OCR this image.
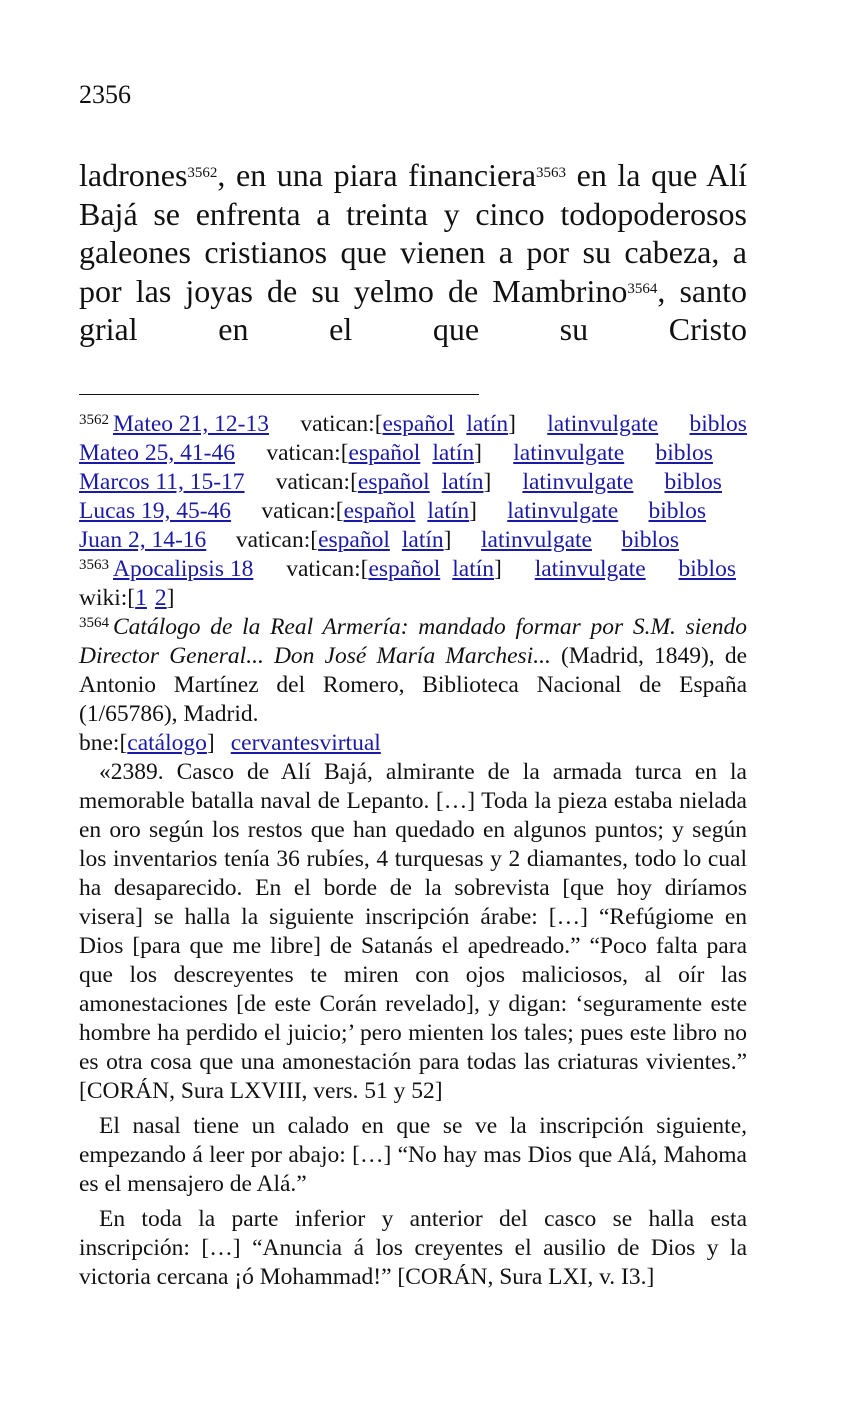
2356
ladrones$^{3562}$, en una piara financiera$^{3563}$ en la que Alí Bajá se enfrenta a treinta y cinco todopoderosos galeones cristianos que vienen a por su cabeza, a por las joyas de su yelmo de Mambrino$^{3564}$, santo grial en el que su Cristo
$^{3562}$ Mateo 21, 12-13 vatican:[español latín] latinvulgate biblos
Mateo 25, 41-46 vatican:[español latín] latinvulgate biblos
Marcos 11, 15-17 vatican:[español latín] latinvulgate biblos
Lucas 19, 45-46 vatican:[español latín] latinvulgate biblos
Juan 2, 14-16 vatican:[español latín] latinvulgate biblos
$^{3563}$ Apocalipsis 18 vatican:[español latín] latinvulgate biblos
wiki:[1 2]
$^{3564}$ Catálogo de la Real Armería: mandado formar por S.M. siendo Director General... Don José María Marchesi... (Madrid, 1849), de Antonio Martínez del Romero, Biblioteca Nacional de España (1/65786), Madrid.
bne:[catálogo] cervantesvirtual
«2389. Casco de Alí Bajá, almirante de la armada turca en la memorable batalla naval de Lepanto. […] Toda la pieza estaba nielada en oro según los restos que han quedado en algunos puntos; y según los inventarios tenía 36 rubíes, 4 turquesas y 2 diamantes, todo lo cual ha desaparecido. En el borde de la sobrevista [que hoy diríamos visera] se halla la siguiente inscripción árabe: […] “Refúgiome en Dios [para que me libre] de Satanás el apedreado.” “Poco falta para que los descreyentes te miren con ojos maliciosos, al oír las amonestaciones [de este Corán revelado], y digan: ‘seguramente este hombre ha perdido el juicio;’ pero mienten los tales; pues este libro no es otra cosa que una amonestación para todas las criaturas vivientes.” [CORÁN, Sura LXVIII, vers. 51 y 52]
El nasal tiene un calado en que se ve la inscripción siguiente, empezando á leer por abajo: […] “No hay mas Dios que Alá, Mahoma es el mensajero de Alá.”
En toda la parte inferior y anterior del casco se halla esta inscripción: […] “Anuncia á los creyentes el ausilio de Dios y la victoria cercana ¡ó Mohammad!” [CORÁN, Sura LXI, v. I3.]
